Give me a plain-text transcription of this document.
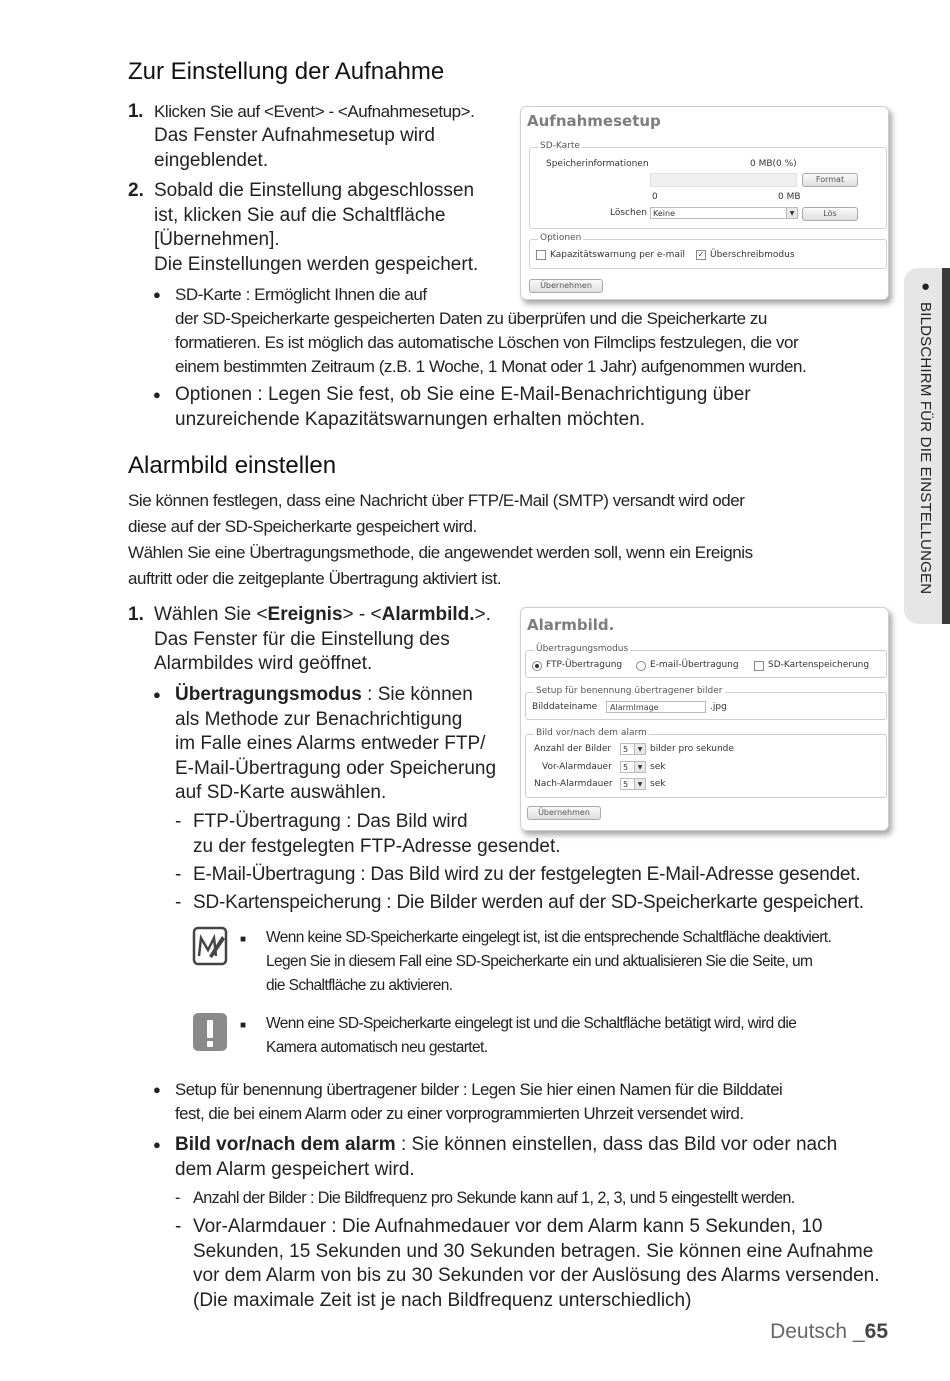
Zur Einstellung der Aufnahme
1. Klicken Sie auf <Event> - <Aufnahmesetup>.
Das Fenster Aufnahmesetup wird
eingeblendet.
2. Sobald die Einstellung abgeschlossen
ist, klicken Sie auf die Schaltfläche
[Übernehmen].
Die Einstellungen werden gespeichert.
● SD-Karte : Ermöglicht Ihnen die auf
der SD-Speicherkarte gespeicherten Daten zu überprüfen und die Speicherkarte zu
formatieren. Es ist möglich das automatische Löschen von Filmclips festzulegen, die vor
einem bestimmten Zeitraum (z.B. 1 Woche, 1 Monat oder 1 Jahr) aufgenommen wurden.
● Optionen : Legen Sie fest, ob Sie eine E-Mail-Benachrichtigung über
unzureichende Kapazitätswarnungen erhalten möchten.
Aufnahmesetup
SD-Karte
Speicherinformationen	0 MB(0 %)
Format
0	0 MB
Löschen Keine	▼	Lös
Optionen
Kapazitätswarnung per e-mail ✓ Überschreibmodus
Übernehmen	●
BILDSCHIRM FÜR DIE EINSTELLUNGEN
Alarmbild einstellen
Sie können festlegen, dass eine Nachricht über FTP/E-Mail (SMTP) versandt wird oder
diese auf der SD-Speicherkarte gespeichert wird.
Wählen Sie eine Übertragungsmethode, die angewendet werden soll, wenn ein Ereignis
auftritt oder die zeitgeplante Übertragung aktiviert ist.
1. Wählen Sie <Ereignis> - <Alarmbild.>.
Das Fenster für die Einstellung des
Alarmbildes wird geöffnet.
● Übertragungsmodus : Sie können
als Methode zur Benachrichtigung
im Falle eines Alarms entweder FTP/
E-Mail-Übertragung oder Speicherung
auf SD-Karte auswählen.
- FTP-Übertragung : Das Bild wird
zu der festgelegten FTP-Adresse gesendet.
- E-Mail-Übertragung : Das Bild wird zu der festgelegten E-Mail-Adresse gesendet.
- SD-Kartenspeicherung : Die Bilder werden auf der SD-Speicherkarte gespeichert.
Alarmbild.
Übertragungsmodus
FTP-Übertragung	E-mail-Übertragung	SD-Kartenspeicherung
Setup für benennung übertragener bilder
Bilddateiname	AlarmImage	.jpg
Bild vor/nach dem alarm
Anzahl der Bilder	5	▼ bilder pro sekunde
Vor-Alarmdauer	5	▼ sek
Nach-Alarmdauer	5	▼ sek
Übernehmen
■ Wenn keine SD-Speicherkarte eingelegt ist, ist die entsprechende Schaltfläche deaktiviert.
Legen Sie in diesem Fall eine SD-Speicherkarte ein und aktualisieren Sie die Seite, um
die Schaltfläche zu aktivieren.
■ Wenn eine SD-Speicherkarte eingelegt ist und die Schaltfläche betätigt wird, wird die
Kamera automatisch neu gestartet.
● Setup für benennung übertragener bilder : Legen Sie hier einen Namen für die Bilddatei
fest, die bei einem Alarm oder zu einer vorprogrammierten Uhrzeit versendet wird.
● Bild vor/nach dem alarm : Sie können einstellen, dass das Bild vor oder nach
dem Alarm gespeichert wird.
- Anzahl der Bilder : Die Bildfrequenz pro Sekunde kann auf 1, 2, 3, und 5 eingestellt werden.
- Vor-Alarmdauer : Die Aufnahmedauer vor dem Alarm kann 5 Sekunden, 10
Sekunden, 15 Sekunden und 30 Sekunden betragen. Sie können eine Aufnahme
vor dem Alarm von bis zu 30 Sekunden vor der Auslösung des Alarms versenden.
(Die maximale Zeit ist je nach Bildfrequenz unterschiedlich)
Deutsch _65
